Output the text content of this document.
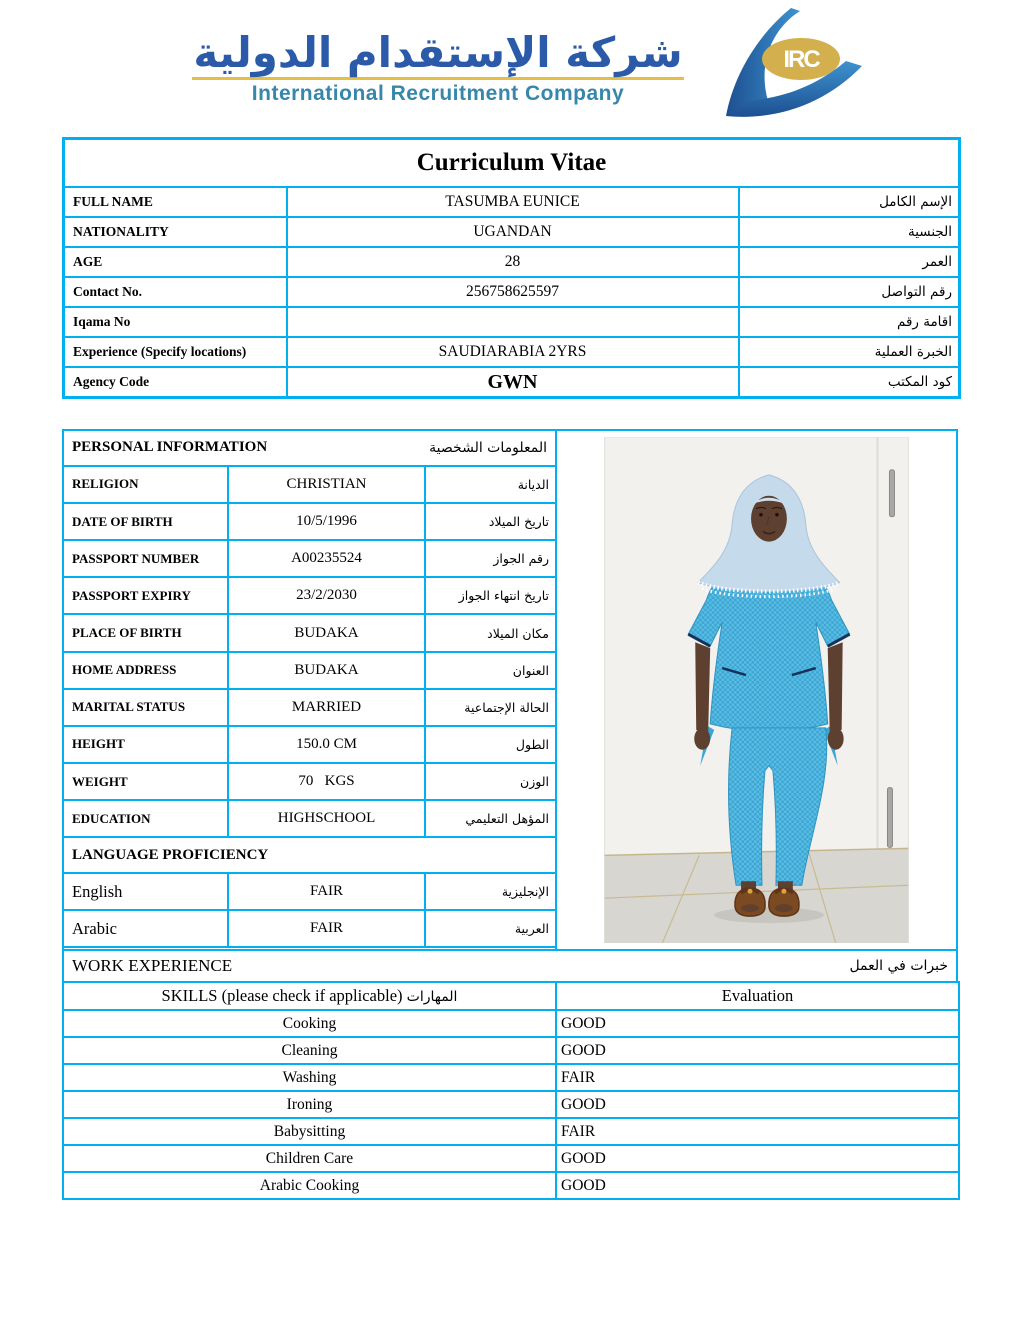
شركة الإستقدام الدولية
International Recruitment Company
IRC
Curriculum Vitae		
FULL NAME	TASUMBA EUNICE	الإسم الكامل
NATIONALITY	UGANDAN	الجنسية
AGE	28	العمر
Contact No.	256758625597	رقم التواصل
Iqama No		اقامة رقم
Experience (Specify locations)	SAUDIARABIA 2YRS	الخبرة العملية
Agency Code	GWN	كود المكتب
PERSONAL INFORMATION المعلومات الشخصية		

RELIGION	CHRISTIAN	الديانة
DATE OF BIRTH	10/5/1996	تاريخ الميلاد
PASSPORT NUMBER	A00235524	رقم الجواز
PASSPORT EXPIRY	23/2/2030	تاريخ انتهاء الجواز
PLACE OF BIRTH	BUDAKA	مكان الميلاد
HOME ADDRESS	BUDAKA	العنوان
MARITAL STATUS	MARRIED	الحالة الإجتماعية
HEIGHT	150.0 CM	الطول
WEIGHT	70   KGS	الوزن
EDUCATION	HIGHSCHOOL	المؤهل التعليمي

LANGUAGE PROFICIENCY		

English	FAIR	الإنجليزية
Arabic	FAIR	العربية

WORK EXPERIENCE	خبرات في العمل
SKILLS (please check if applicable) المهارات	Evaluation
Cooking	GOOD
Cleaning	GOOD
Washing	FAIR
Ironing	GOOD
Babysitting	FAIR
Children Care	GOOD
Arabic Cooking	GOOD
